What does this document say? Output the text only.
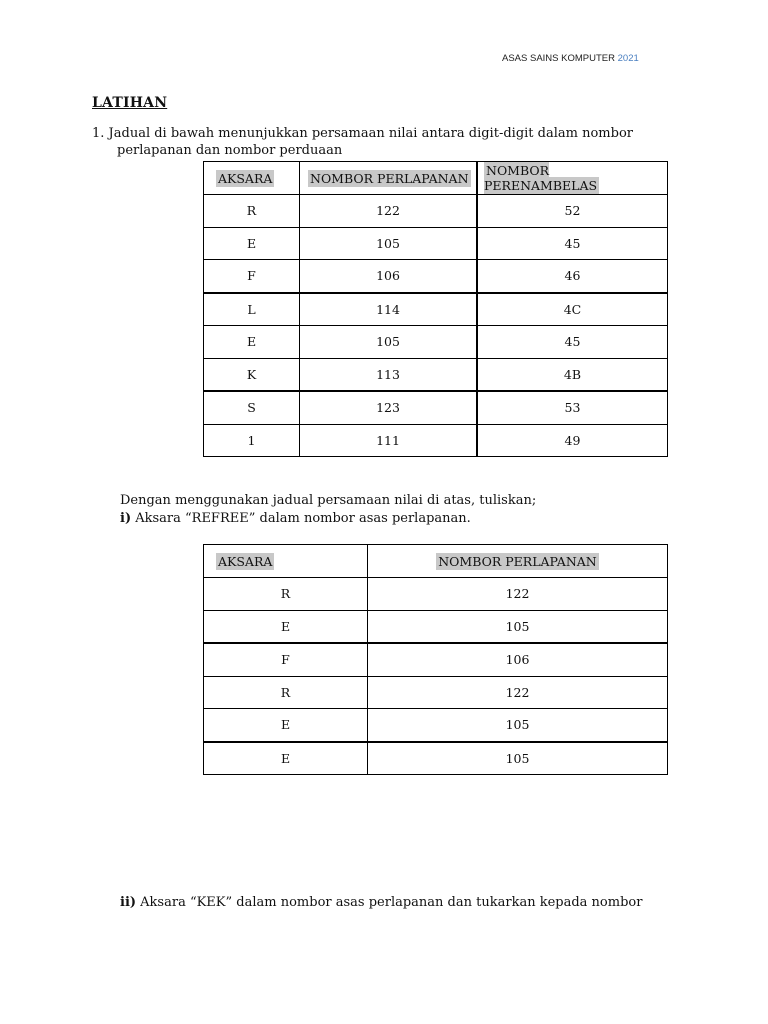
ASAS SAINS KOMPUTER 2021
LATIHAN
1. Jadual di bawah menunjukkan persamaan nilai antara digit-digit dalam nombor
perlapanan dan nombor perduaan
AKSARA	NOMBOR PERLAPANAN	NOMBOR PERENAMBELAS
R	122	52
E	105	45
F	106	46
L	114	4C
E	105	45
K	113	4B
S	123	53
1	111	49
Dengan menggunakan jadual persamaan nilai di atas, tuliskan;
i) Aksara “REFREE” dalam nombor asas perlapanan.
AKSARA	NOMBOR PERLAPANAN
R	122
E	105
F	106
R	122
E	105
E	105
ii) Aksara “KEK” dalam nombor asas perlapanan dan tukarkan kepada nombor
